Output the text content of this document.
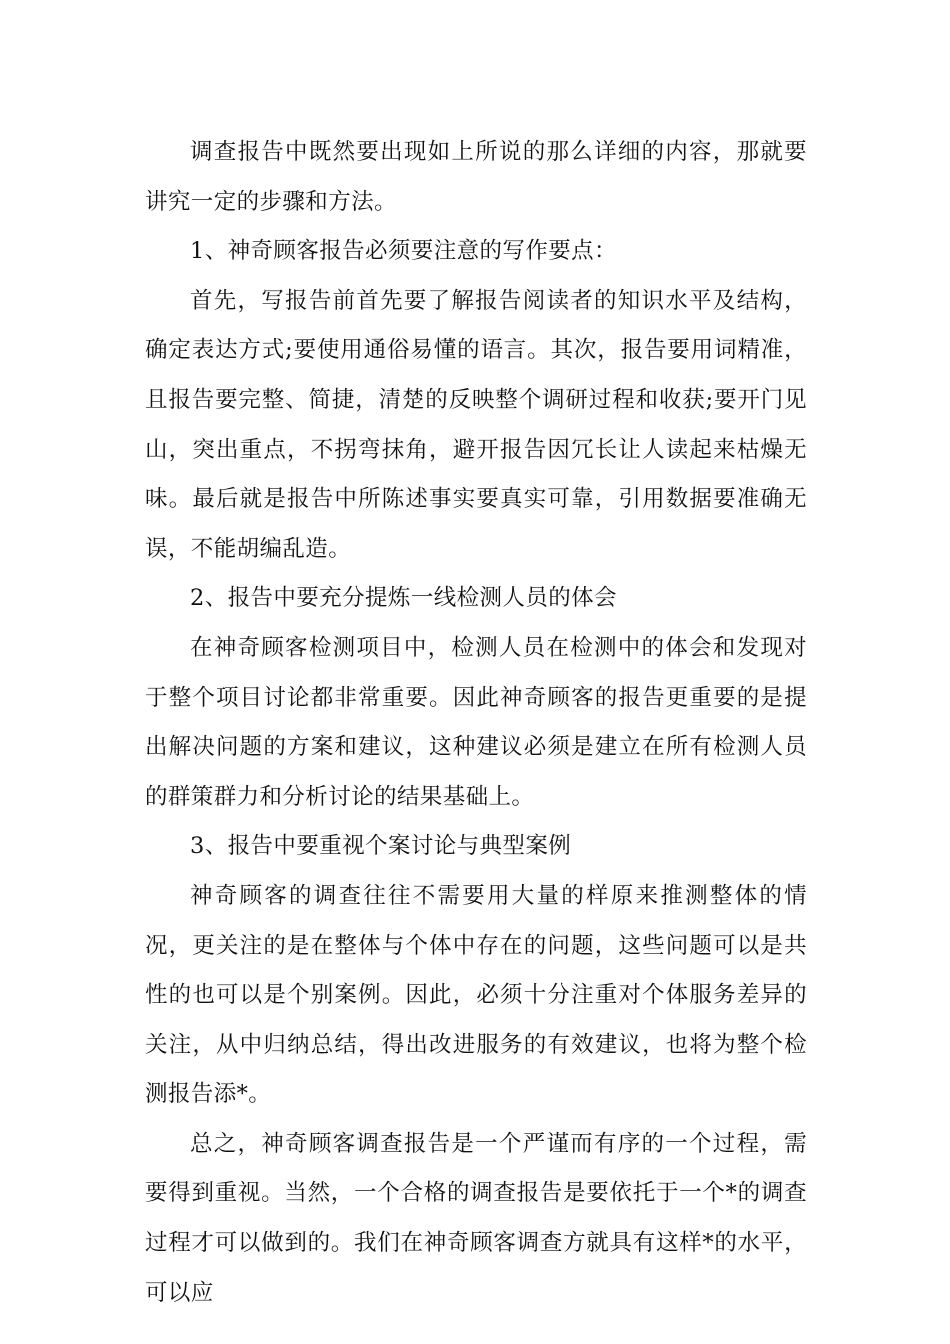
调查报告中既然要出现如上所说的那么详细的内容，那就要讲究一定的步骤和方法。

1、神奇顾客报告必须要注意的写作要点：

首先，写报告前首先要了解报告阅读者的知识水平及结构，确定表达方式;要使用通俗易懂的语言。其次，报告要用词精准，且报告要完整、简捷，清楚的反映整个调研过程和收获;要开门见山，突出重点，不拐弯抹角，避开报告因冗长让人读起来枯燥无味。最后就是报告中所陈述事实要真实可靠，引用数据要准确无误，不能胡编乱造。

2、报告中要充分提炼一线检测人员的体会

在神奇顾客检测项目中，检测人员在检测中的体会和发现对于整个项目讨论都非常重要。因此神奇顾客的报告更重要的是提出解决问题的方案和建议，这种建议必须是建立在所有检测人员的群策群力和分析讨论的结果基础上。

3、报告中要重视个案讨论与典型案例

神奇顾客的调查往往不需要用大量的样原来推测整体的情况，更关注的是在整体与个体中存在的问题，这些问题可以是共性的也可以是个别案例。因此，必须十分注重对个体服务差异的关注，从中归纳总结，得出改进服务的有效建议，也将为整个检测报告添*。

总之，神奇顾客调查报告是一个严谨而有序的一个过程，需要得到重视。当然，一个合格的调查报告是要依托于一个*的调查过程才可以做到的。我们在神奇顾客调查方就具有这样*的水平，可以应
